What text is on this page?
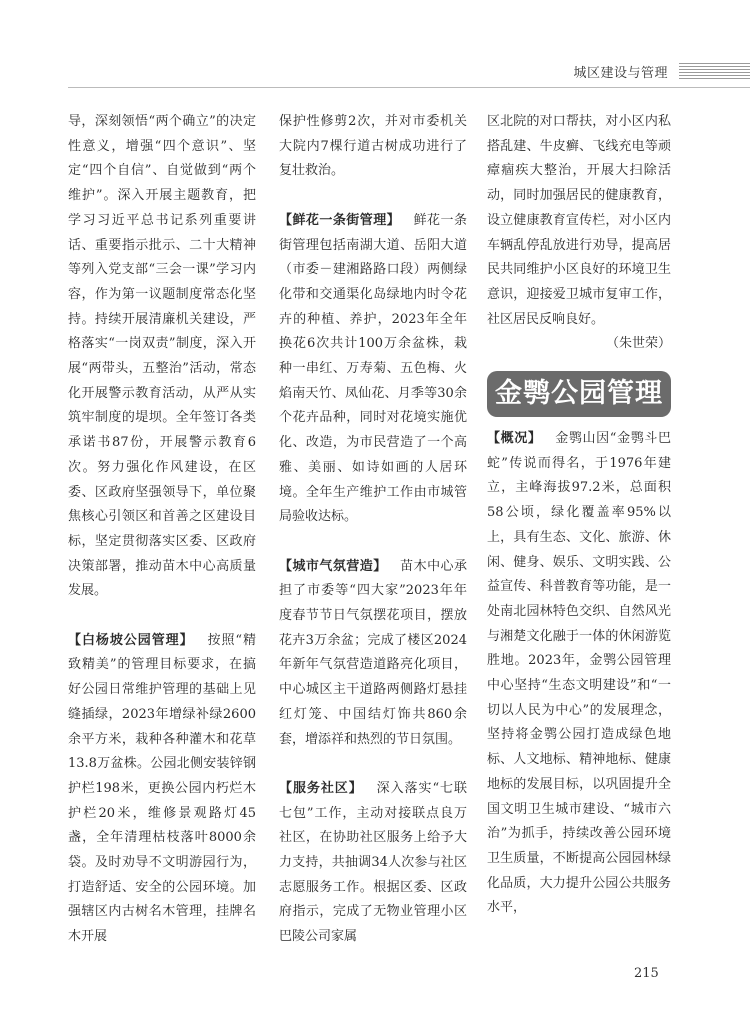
城区建设与管理

导，深刻领悟“两个确立”的决定性意义，增强“四个意识”、坚定“四个自信”、自觉做到“两个维护”。深入开展主题教育，把学习习近平总书记系列重要讲话、重要指示批示、二十大精神等列入党支部“三会一课”学习内容，作为第一议题制度常态化坚持。持续开展清廉机关建设，严格落实“一岗双责”制度，深入开展“两带头，五整治”活动，常态化开展警示教育活动，从严从实筑牢制度的堤坝。全年签订各类承诺书87份，开展警示教育6次。努力强化作风建设，在区委、区政府坚强领导下，单位聚焦核心引领区和首善之区建设目标，坚定贯彻落实区委、区政府决策部署，推动苗木中心高质量发展。

【白杨坡公园管理】  按照“精致精美”的管理目标要求，在搞好公园日常维护管理的基础上见缝插绿，2023年增绿补绿2600余平方米，栽种各种灌木和花草13.8万盆株。公园北侧安装锌钢护栏198米，更换公园内朽烂木护栏20米，维修景观路灯45盏，全年清理枯枝落叶8000余袋。及时劝导不文明游园行为，打造舒适、安全的公园环境。加强辖区内古树名木管理，挂牌名木开展

保护性修剪2次，并对市委机关大院内7棵行道古树成功进行了复壮救治。

【鲜花一条街管理】  鲜花一条街管理包括南湖大道、岳阳大道（市委－建湘路路口段）两侧绿化带和交通渠化岛绿地内时令花卉的种植、养护，2023年全年换花6次共计100万余盆株，栽种一串红、万寿菊、五色梅、火焰南天竹、凤仙花、月季等30余个花卉品种，同时对花境实施优化、改造，为市民营造了一个高雅、美丽、如诗如画的人居环境。全年生产维护工作由市城管局验收达标。

【城市气氛营造】  苗木中心承担了市委等“四大家”2023年年度春节节日气氛摆花项目，摆放花卉3万余盆；完成了楼区2024年新年气氛营造道路亮化项目，中心城区主干道路两侧路灯悬挂红灯笼、中国结灯饰共860余套，增添祥和热烈的节日氛围。

【服务社区】  深入落实“七联七包”工作，主动对接联点良万社区，在协助社区服务上给予大力支持，共抽调34人次参与社区志愿服务工作。根据区委、区政府指示，完成了无物业管理小区巴陵公司家属

区北院的对口帮扶，对小区内私搭乱建、牛皮癣、飞线充电等顽瘴痼疾大整治，开展大扫除活动，同时加强居民的健康教育，设立健康教育宣传栏，对小区内车辆乱停乱放进行劝导，提高居民共同维护小区良好的环境卫生意识，迎接爱卫城市复审工作，社区居民反响良好。

（朱世荣）

金鹗公园管理

【概况】  金鹗山因“金鹗斗巴蛇”传说而得名，于1976年建立，主峰海拔97.2米，总面积58公顷，绿化覆盖率95%以上，具有生态、文化、旅游、休闲、健身、娱乐、文明实践、公益宣传、科普教育等功能，是一处南北园林特色交织、自然风光与湘楚文化融于一体的休闲游览胜地。2023年，金鹗公园管理中心坚持“生态文明建设”和“一切以人民为中心”的发展理念，坚持将金鹗公园打造成绿色地标、人文地标、精神地标、健康地标的发展目标，以巩固提升全国文明卫生城市建设、“城市六治”为抓手，持续改善公园环境卫生质量，不断提高公园园林绿化品质，大力提升公园公共服务水平，

215
